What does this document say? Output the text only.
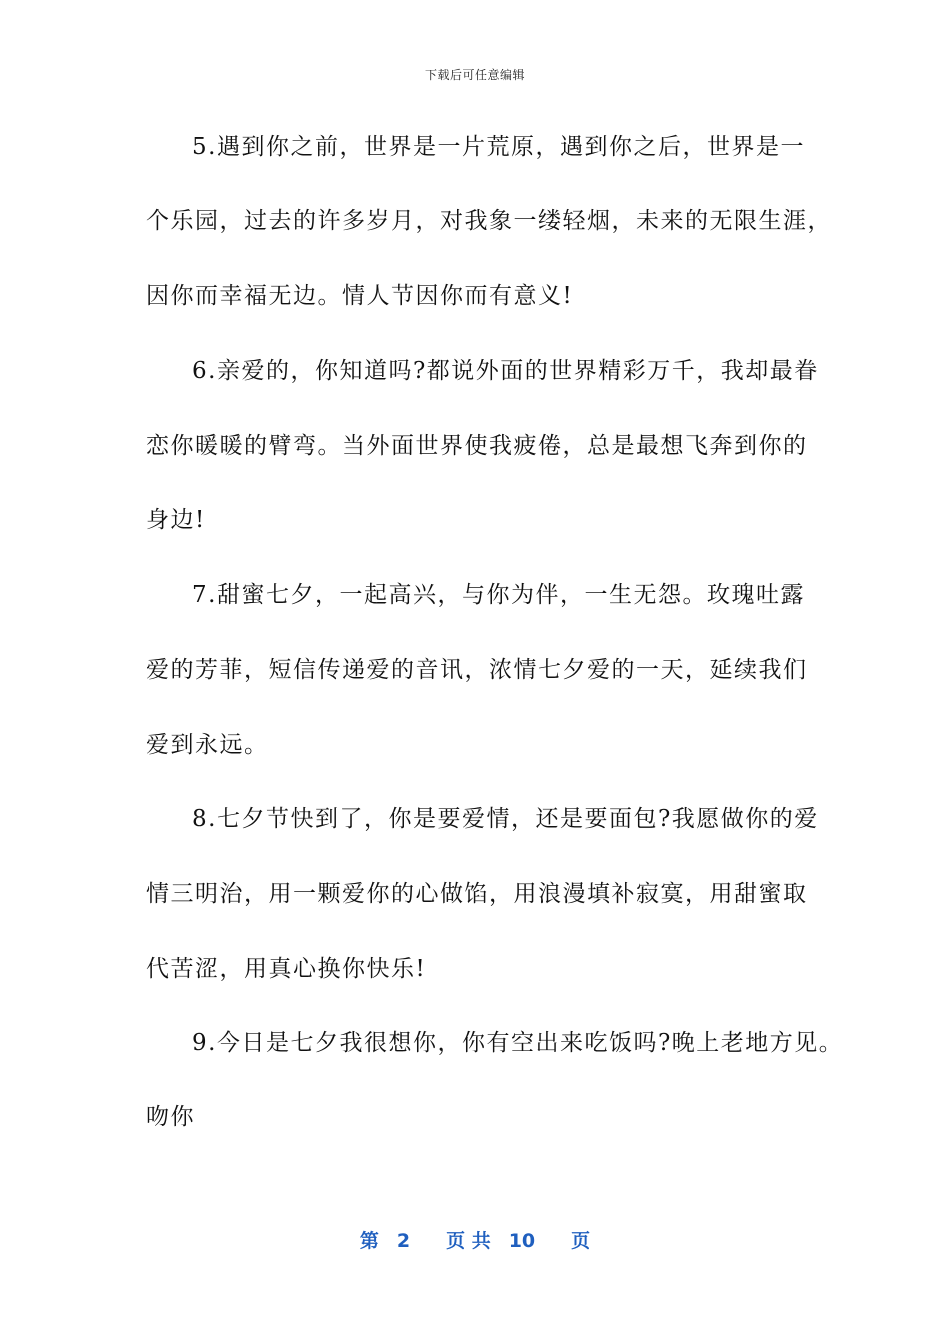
下载后可任意编辑
5.遇到你之前，世界是一片荒原，遇到你之后，世界是一
个乐园，过去的许多岁月，对我象一缕轻烟，未来的无限生涯，
因你而幸福无边。情人节因你而有意义!
6.亲爱的，你知道吗?都说外面的世界精彩万千，我却最眷
恋你暖暖的臂弯。当外面世界使我疲倦，总是最想飞奔到你的
身边!
7.甜蜜七夕，一起高兴，与你为伴，一生无怨。玫瑰吐露
爱的芳菲，短信传递爱的音讯，浓情七夕爱的一天，延续我们
爱到永远。
8.七夕节快到了，你是要爱情，还是要面包?我愿做你的爱
情三明治，用一颗爱你的心做馅，用浪漫填补寂寞，用甜蜜取
代苦涩，用真心换你快乐!
9.今日是七夕我很想你，你有空出来吃饭吗?晚上老地方见。
吻你
第 2 页 共 10 页
